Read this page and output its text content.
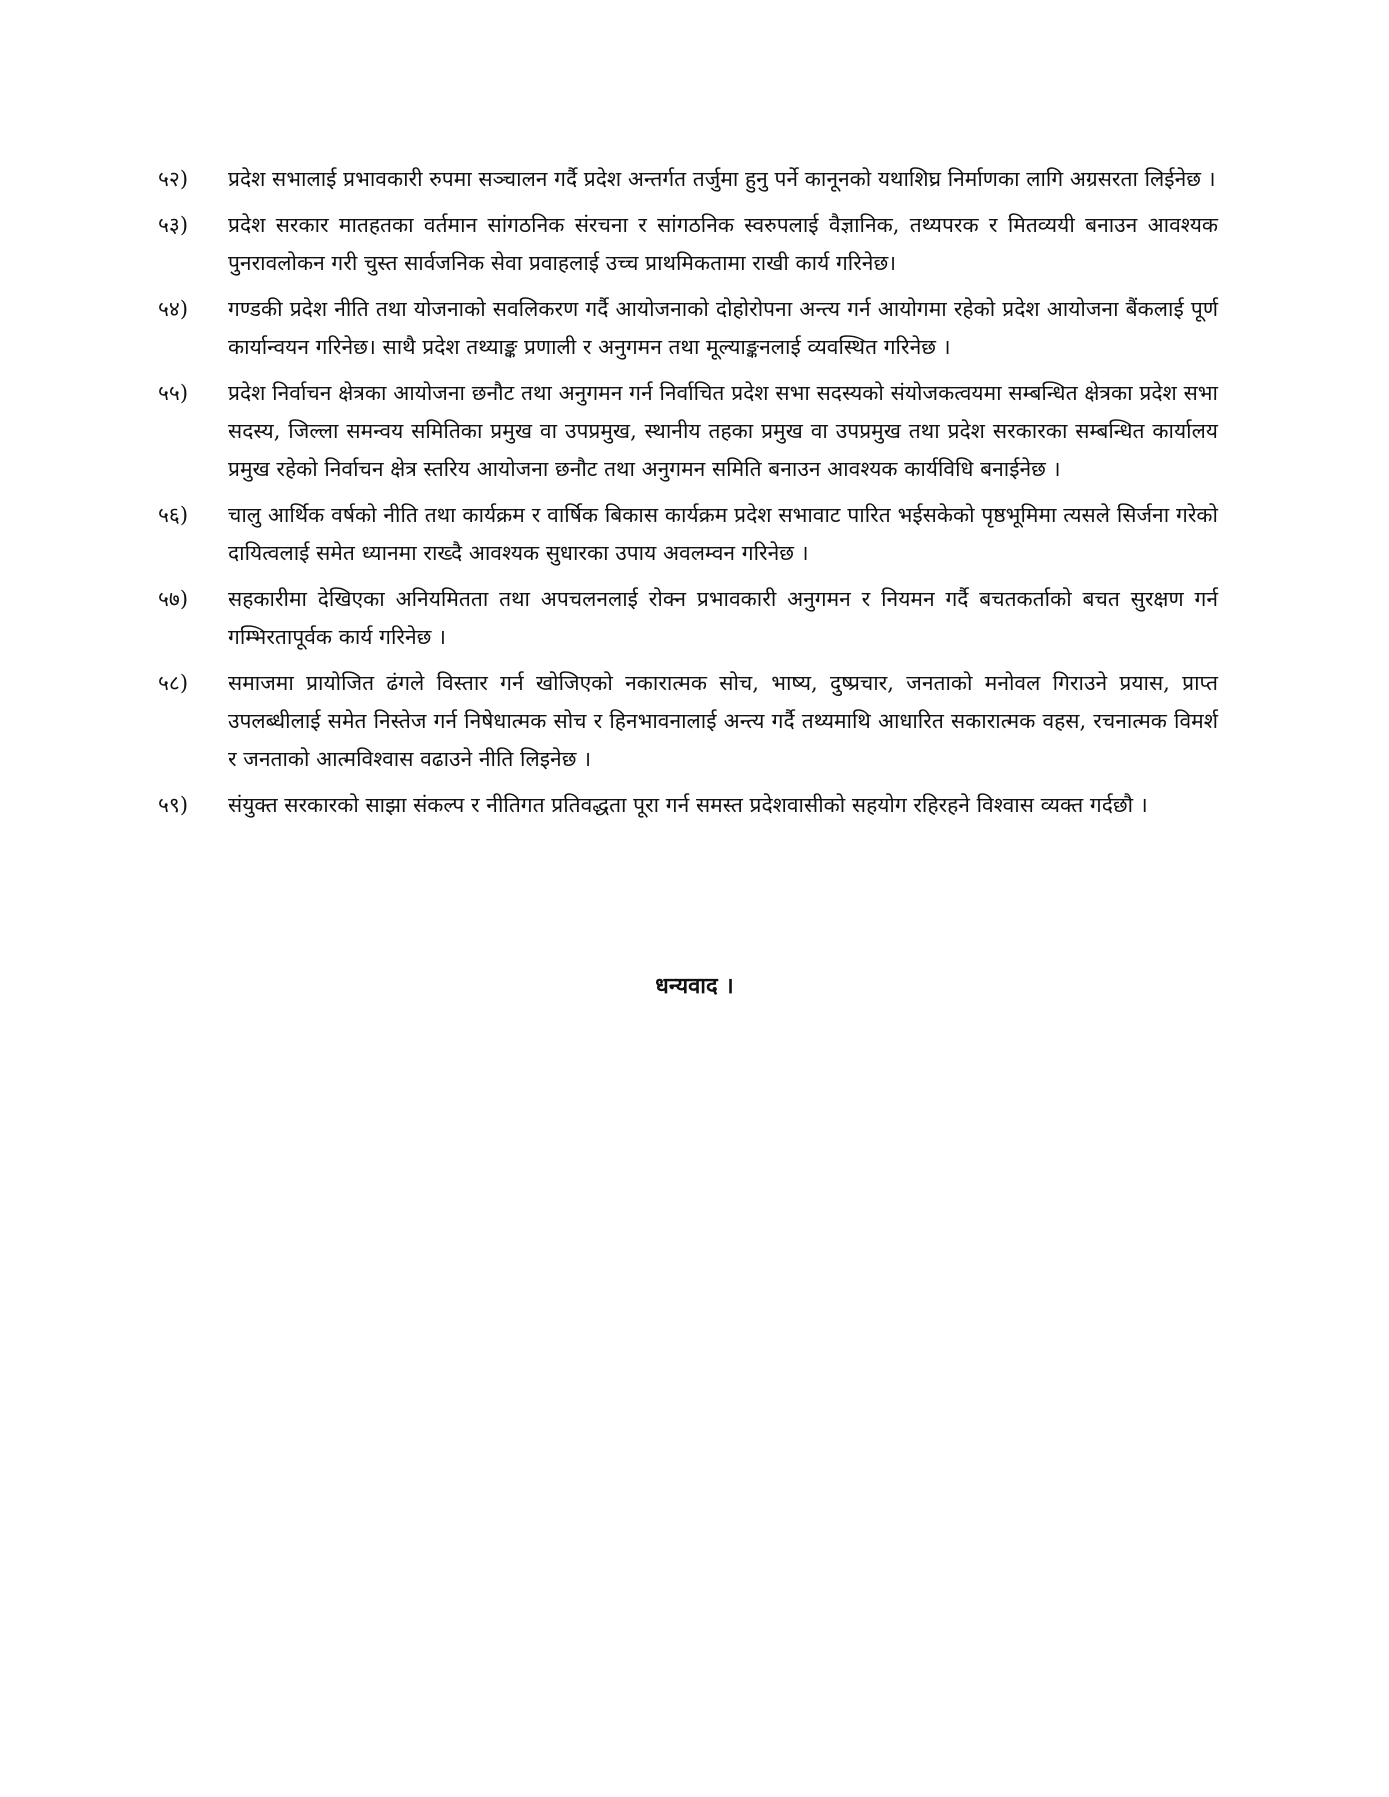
५२)	प्रदेश सभालाई प्रभावकारी रुपमा सञ्चालन गर्दै प्रदेश अन्तर्गत तर्जुमा हुनु पर्ने कानूनको यथाशिघ्र निर्माणका लागि अग्रसरता लिईनेछ ।
५३)	प्रदेश सरकार मातहतका वर्तमान सांगठनिक संरचना र सांगठनिक स्वरुपलाई वैज्ञानिक, तथ्यपरक र मितव्ययी बनाउन आवश्यक पुनरावलोकन गरी चुस्त सार्वजनिक सेवा प्रवाहलाई उच्च प्राथमिकतामा राखी कार्य गरिनेछ।
५४)	गण्डकी प्रदेश नीति तथा योजनाको सवलिकरण गर्दै आयोजनाको दोहोरोपना अन्त्य गर्न आयोगमा रहेको प्रदेश आयोजना बैंकलाई पूर्ण कार्यान्वयन गरिनेछ। साथै प्रदेश तथ्याङ्क प्रणाली र अनुगमन तथा मूल्याङ्कनलाई व्यवस्थित गरिनेछ ।
५५)	प्रदेश निर्वाचन क्षेत्रका आयोजना छनौट तथा अनुगमन गर्न निर्वाचित प्रदेश सभा सदस्यको संयोजकत्वयमा सम्बन्धित क्षेत्रका प्रदेश सभा सदस्य, जिल्ला समन्वय समितिका प्रमुख वा उपप्रमुख, स्थानीय तहका प्रमुख वा उपप्रमुख तथा प्रदेश सरकारका सम्बन्धित कार्यालय प्रमुख रहेको निर्वाचन क्षेत्र स्तरिय आयोजना छनौट तथा अनुगमन समिति बनाउन आवश्यक कार्यविधि बनाईनेछ ।
५६)	चालु आर्थिक वर्षको नीति तथा कार्यक्रम र वार्षिक बिकास कार्यक्रम प्रदेश सभावाट पारित भईसकेको पृष्ठभूमिमा त्यसले सिर्जना गरेको दायित्वलाई समेत ध्यानमा राख्दै आवश्यक सुधारका उपाय अवलम्वन गरिनेछ ।
५७)	सहकारीमा देखिएका अनियमितता तथा अपचलनलाई रोक्न प्रभावकारी अनुगमन र नियमन गर्दै बचतकर्ताको बचत सुरक्षण गर्न गम्भिरतापूर्वक कार्य गरिनेछ ।
५८)	समाजमा प्रायोजित ढंगले विस्तार गर्न खोजिएको नकारात्मक सोच, भाष्य, दुष्प्रचार, जनताको मनोवल गिराउने प्रयास, प्राप्त उपलब्धीलाई समेत निस्तेज गर्न निषेधात्मक सोच र हिनभावनालाई अन्त्य गर्दै तथ्यमाथि आधारित सकारात्मक वहस, रचनात्मक विमर्श र जनताको आत्मविश्वास वढाउने नीति लिइनेछ ।
५९)	संयुक्त सरकारको साझा संकल्प र नीतिगत प्रतिवद्धता पूरा गर्न समस्त प्रदेशवासीको सहयोग रहिरहने विश्वास व्यक्त गर्दछौ ।
धन्यवाद ।
